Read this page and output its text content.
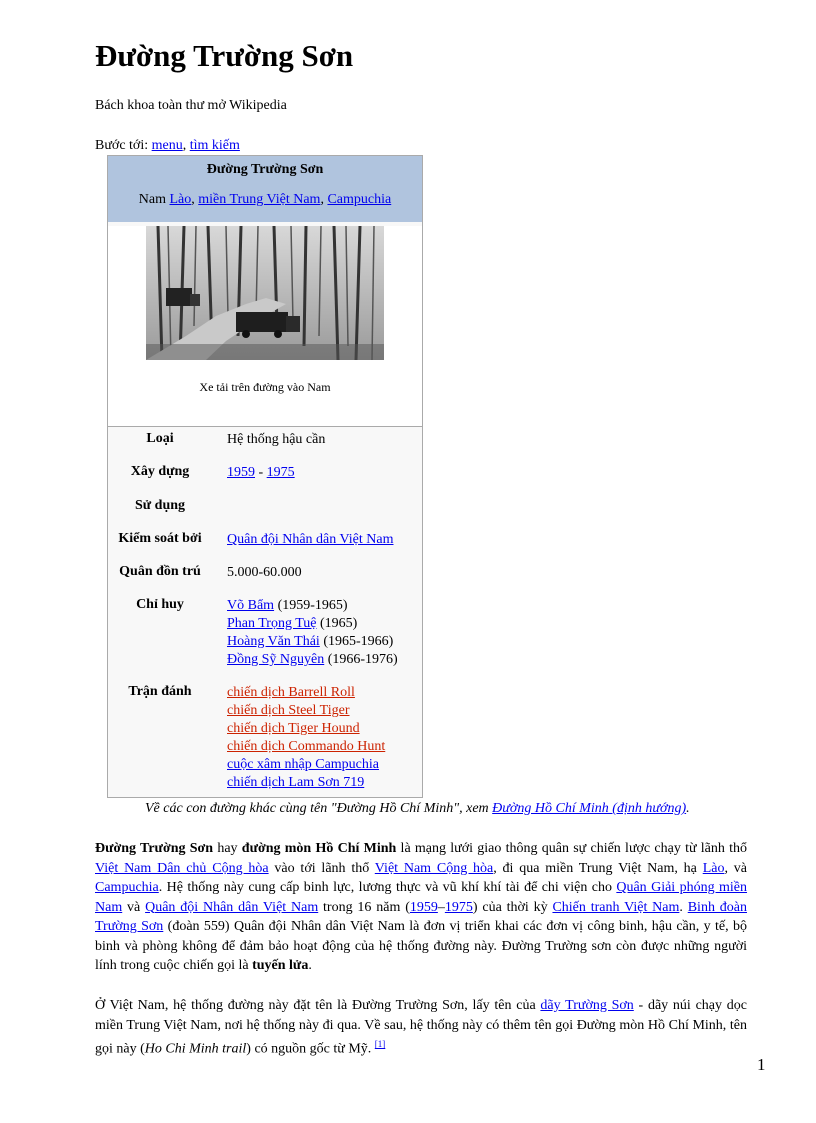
Đường Trường Sơn
Bách khoa toàn thư mở Wikipedia
Bước tới: menu, tìm kiếm
Đường Trường Sơn
Nam Lào, miền Trung Việt Nam, Campuchia
Xe tải trên đường vào Nam
Loại	Hệ thống hậu cần
Xây dựng	1959 - 1975
Sử dụng
Kiểm soát bởi	Quân đội Nhân dân Việt Nam
Quân đồn trú	5.000-60.000
Chỉ huy	Võ Bẩm (1959-1965)
Phan Trọng Tuệ (1965)
Hoàng Văn Thái (1965-1966)
Đồng Sỹ Nguyên (1966-1976)
Trận đánh	chiến dịch Barrell Roll
chiến dịch Steel Tiger
chiến dịch Tiger Hound
chiến dịch Commando Hunt
cuộc xâm nhập Campuchia
chiến dịch Lam Sơn 719
Về các con đường khác cùng tên "Đường Hồ Chí Minh", xem Đường Hồ Chí Minh (định hướng).
Đường Trường Sơn hay đường mòn Hồ Chí Minh là mạng lưới giao thông quân sự chiến lược chạy từ lãnh thổ Việt Nam Dân chủ Cộng hòa vào tới lãnh thổ Việt Nam Cộng hòa, đi qua miền Trung Việt Nam, hạ Lào, và Campuchia. Hệ thống này cung cấp binh lực, lương thực và vũ khí khí tài để chi viện cho Quân Giải phóng miền Nam và Quân đội Nhân dân Việt Nam trong 16 năm (1959–1975) của thời kỳ Chiến tranh Việt Nam. Binh đoàn Trường Sơn (đoàn 559) Quân đội Nhân dân Việt Nam là đơn vị triển khai các đơn vị công binh, hậu cần, y tế, bộ binh và phòng không để đảm bảo hoạt động của hệ thống đường này. Đường Trường sơn còn được những người lính trong cuộc chiến gọi là tuyến lửa.
Ở Việt Nam, hệ thống đường này đặt tên là Đường Trường Sơn, lấy tên của dãy Trường Sơn - dãy núi chạy dọc miền Trung Việt Nam, nơi hệ thống này đi qua. Về sau, hệ thống này có thêm tên gọi Đường mòn Hồ Chí Minh, tên gọi này (Ho Chi Minh trail) có nguồn gốc từ Mỹ. [1]
1
